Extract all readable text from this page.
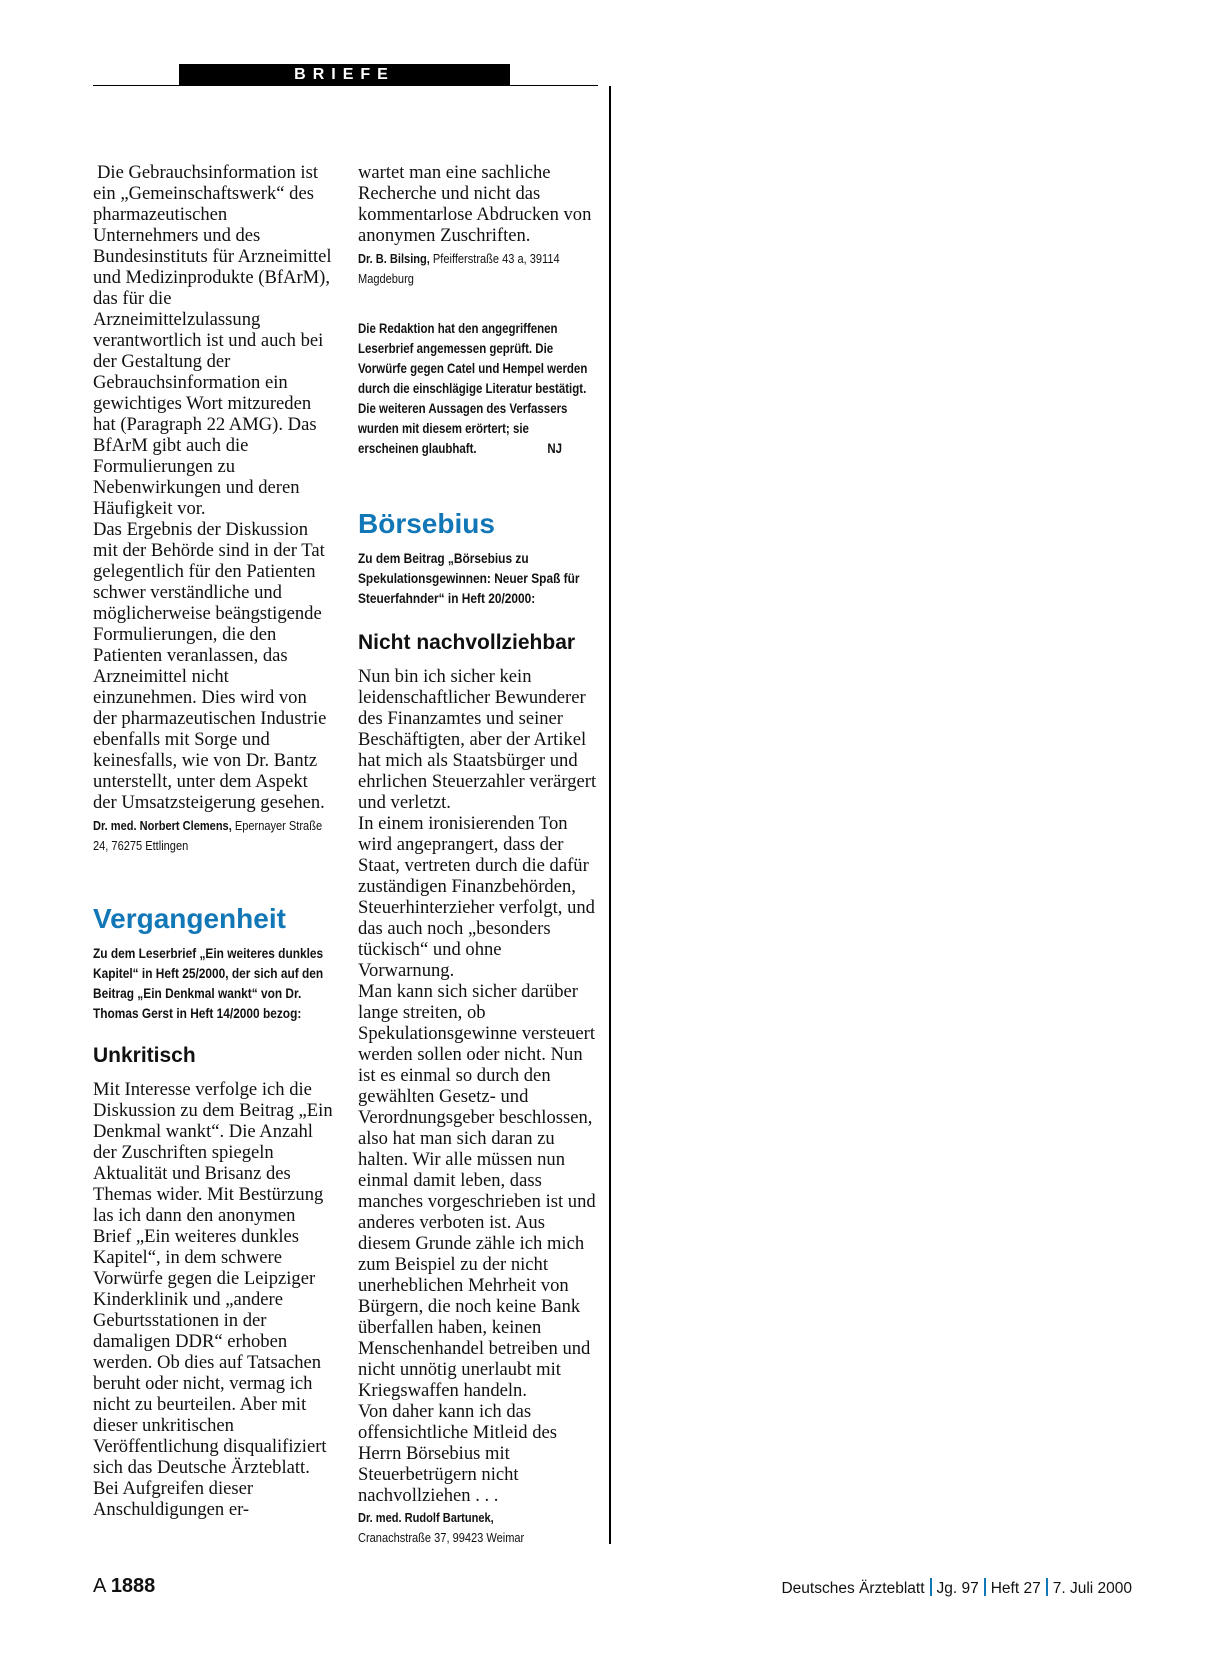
BRIEFE

Die Gebrauchsinformation ist ein „Gemeinschaftswerk“ des pharmazeutischen Unternehmers und des Bundesinstituts für Arzneimittel und Medizinprodukte (BfArM), das für die Arzneimittelzulassung verantwortlich ist und auch bei der Gestaltung der Gebrauchsinformation ein gewichtiges Wort mitzureden hat (Paragraph 22 AMG). Das BfArM gibt auch die Formulierungen zu Nebenwirkungen und deren Häufigkeit vor.

Das Ergebnis der Diskussion mit der Behörde sind in der Tat gelegentlich für den Patienten schwer verständliche und möglicherweise beängstigende Formulierungen, die den Patienten veranlassen, das Arzneimittel nicht einzunehmen. Dies wird von der pharmazeutischen Industrie ebenfalls mit Sorge und keinesfalls, wie von Dr. Bantz unterstellt, unter dem Aspekt der Umsatzsteigerung gesehen.

Dr. med. Norbert Clemens, Epernayer Straße 24, 76275 Ettlingen

Vergangenheit

Zu dem Leserbrief „Ein weiteres dunkles Kapitel“ in Heft 25/2000, der sich auf den Beitrag „Ein Denkmal wankt“ von Dr. Thomas Gerst in Heft 14/2000 bezog:

Unkritisch

Mit Interesse verfolge ich die Diskussion zu dem Beitrag „Ein Denkmal wankt“. Die Anzahl der Zuschriften spiegeln Aktualität und Brisanz des Themas wider. Mit Bestürzung las ich dann den anonymen Brief „Ein weiteres dunkles Kapitel“, in dem schwere Vorwürfe gegen die Leipziger Kinderklinik und „andere Geburtsstationen in der damaligen DDR“ erhoben werden. Ob dies auf Tatsachen beruht oder nicht, vermag ich nicht zu beurteilen. Aber mit dieser unkritischen Veröffentlichung disqualifiziert sich das Deutsche Ärzteblatt. Bei Aufgreifen dieser Anschuldigungen er-

wartet man eine sachliche Recherche und nicht das kommentarlose Abdrucken von anonymen Zuschriften.

Dr. B. Bilsing, Pfeifferstraße 43 a, 39114 Magdeburg

Die Redaktion hat den angegriffenen Leserbrief angemessen geprüft. Die Vorwürfe gegen Catel und Hempel werden durch die einschlägige Literatur bestätigt. Die weiteren Aussagen des Verfassers wurden mit diesem erörtert; sie
erscheinen glaubhaft.	NJ
Börsebius

Zu dem Beitrag „Börsebius zu Spekulationsgewinnen: Neuer Spaß für Steuerfahnder“ in Heft 20/2000:

Nicht nachvollziehbar

Nun bin ich sicher kein leidenschaftlicher Bewunderer des Finanzamtes und seiner Beschäftigten, aber der Artikel hat mich als Staatsbürger und ehrlichen Steuerzahler verärgert und verletzt.

In einem ironisierenden Ton wird angeprangert, dass der Staat, vertreten durch die dafür zuständigen Finanzbehörden, Steuerhinterzieher verfolgt, und das auch noch „besonders tückisch“ und ohne Vorwarnung.

Man kann sich sicher darüber lange streiten, ob Spekulationsgewinne versteuert werden sollen oder nicht. Nun ist es einmal so durch den gewählten Gesetz- und Verordnungsgeber beschlossen, also hat man sich daran zu halten. Wir alle müssen nun einmal damit leben, dass manches vorgeschrieben ist und anderes verboten ist. Aus diesem Grunde zähle ich mich zum Beispiel zu der nicht unerheblichen Mehrheit von Bürgern, die noch keine Bank überfallen haben, keinen Menschenhandel betreiben und nicht unnötig unerlaubt mit Kriegswaffen handeln.

Von daher kann ich das offensichtliche Mitleid des Herrn Börsebius mit Steuerbetrügern nicht nachvollziehen . . .

Dr. med. Rudolf Bartunek,
Cranachstraße 37, 99423 Weimar

A 1888	Deutsches Ärzteblatt Jg. 97 Heft 27 7. Juli 2000
